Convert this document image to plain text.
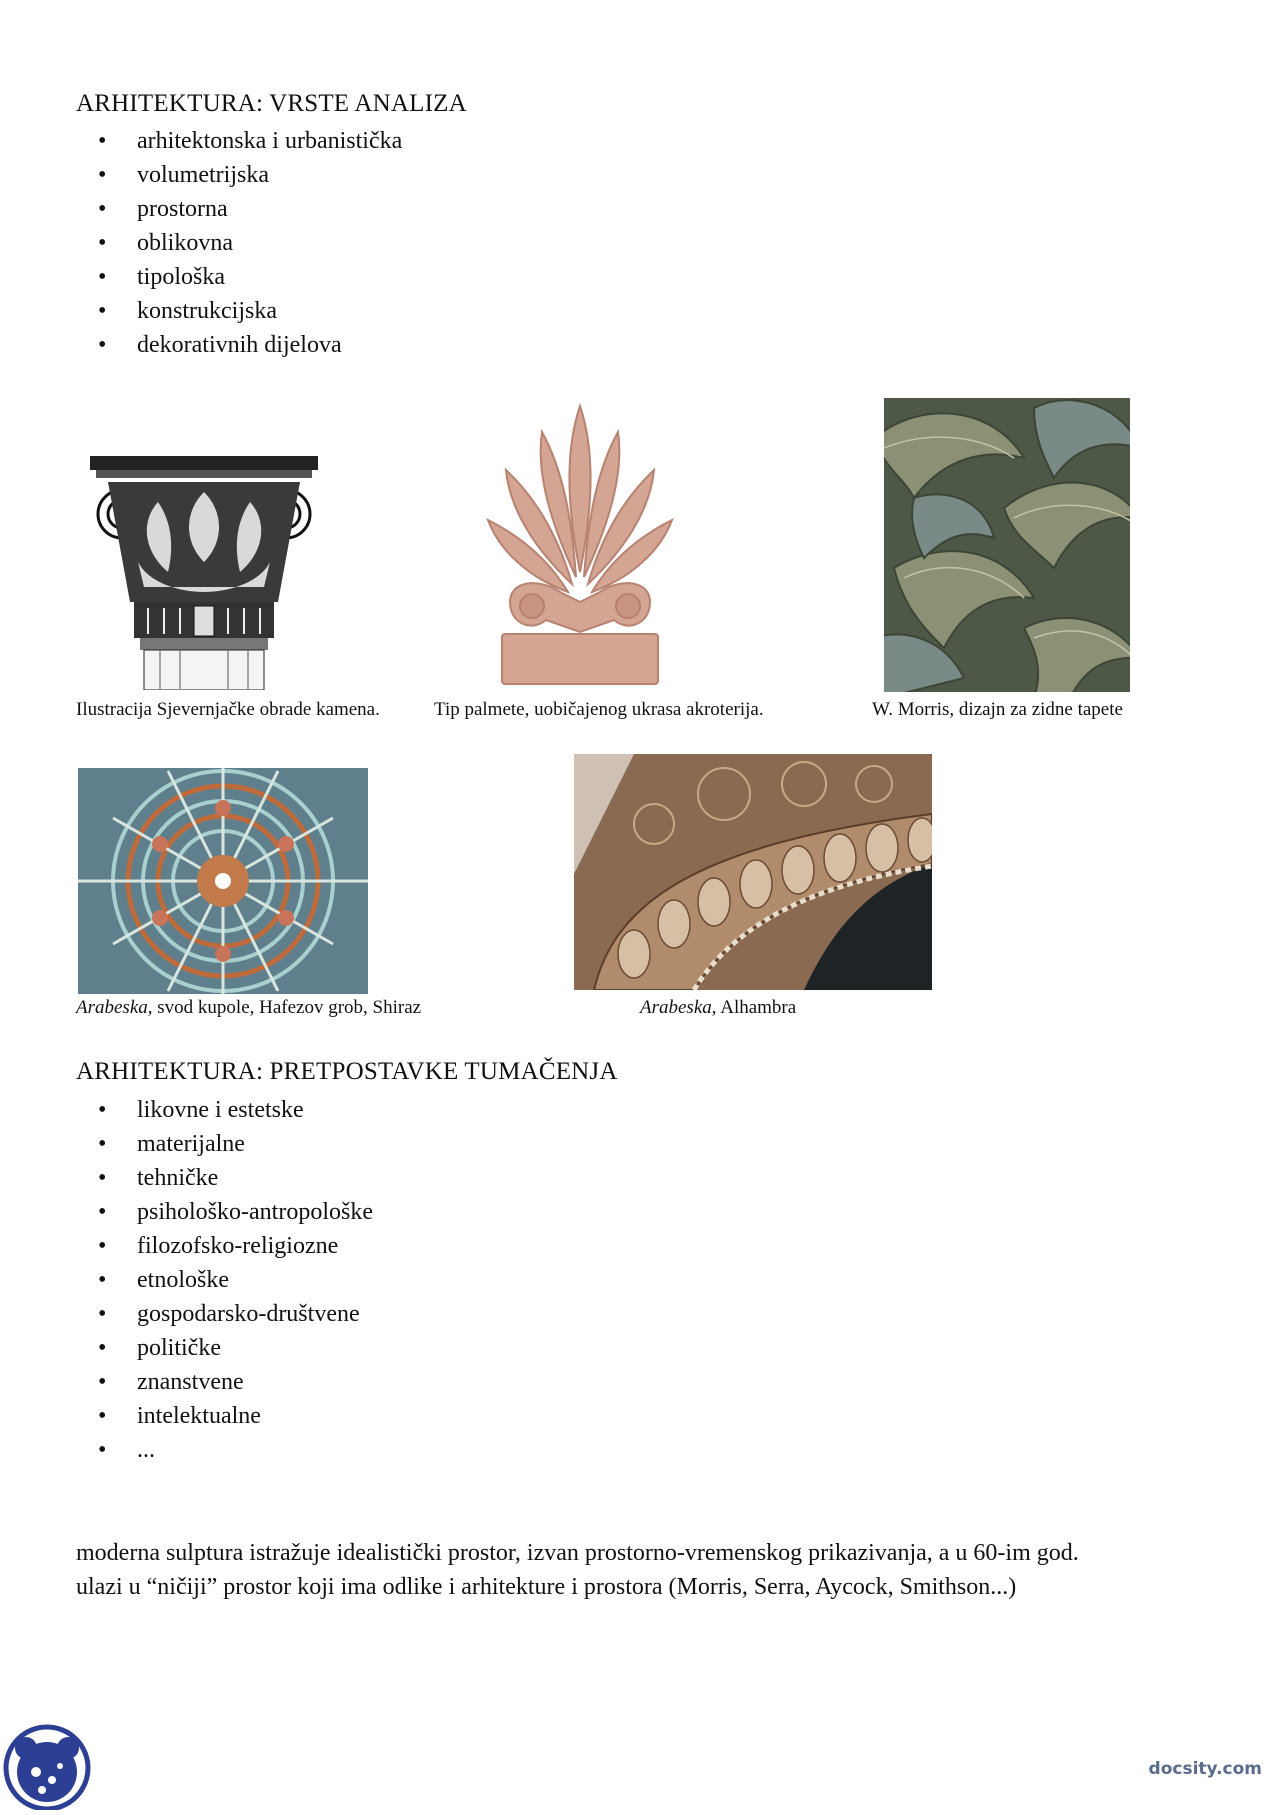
ARHITEKTURA: VRSTE ANALIZA
• arhitektonska i urbanistička
• volumetrijska
• prostorna
• oblikovna
• tipološka
• konstrukcijska
• dekorativnih dijelova
Ilustracija Sjevernjačke obrade kamena.	Tip palmete, uobičajenog ukrasa akroterija.	W. Morris, dizajn za zidne tapete
Arabeska, svod kupole, Hafezov grob, Shiraz	Arabeska, Alhambra
ARHITEKTURA: PRETPOSTAVKE TUMAČENJA
• likovne i estetske
• materijalne
• tehničke
• psihološko-antropološke
• filozofsko-religiozne
• etnološke
• gospodarsko-društvene
• političke
• znanstvene
• intelektualne
• ...
moderna sulptura istražuje idealistički prostor, izvan prostorno-vremenskog prikazivanja, a u 60-im god.
ulazi u “ničiji” prostor koji ima odlike i arhitekture i prostora (Morris, Serra, Aycock, Smithson...)
docsity.com
